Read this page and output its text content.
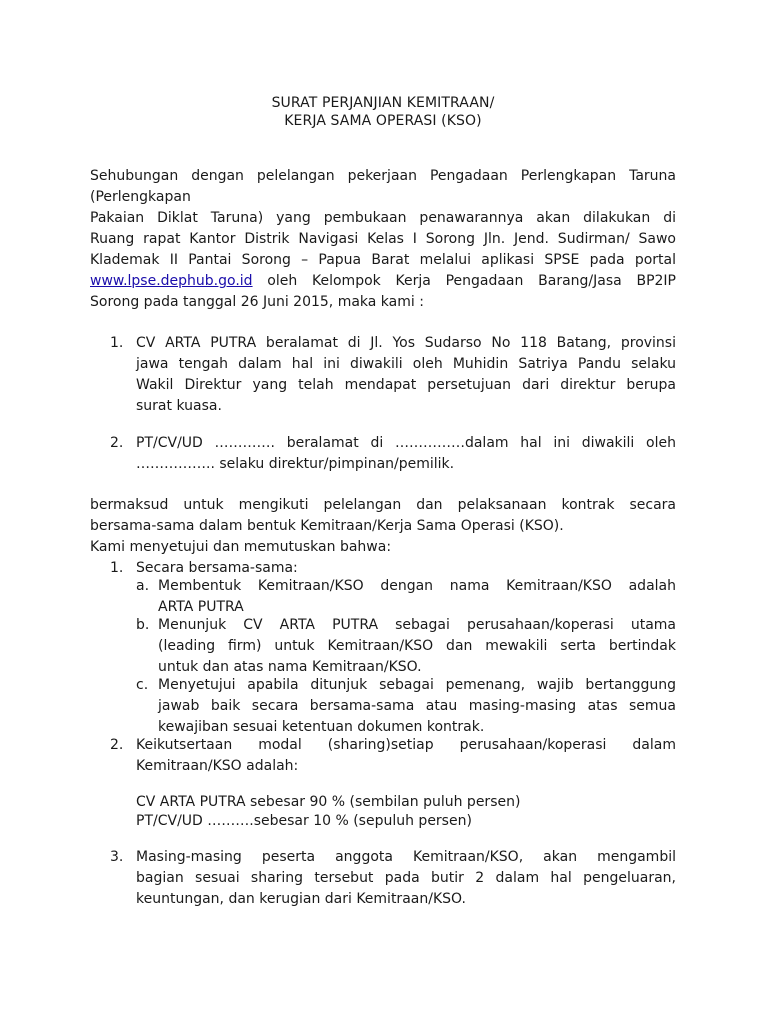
SURAT PERJANJIAN KEMITRAAN/
KERJA SAMA OPERASI (KSO)
Sehubungan dengan pelelangan pekerjaan Pengadaan Perlengkapan Taruna
(Perlengkapan
Pakaian Diklat Taruna) yang pembukaan penawarannya akan dilakukan di
Ruang rapat Kantor Distrik Navigasi Kelas I Sorong Jln. Jend. Sudirman/ Sawo
Klademak II Pantai Sorong – Papua Barat melalui aplikasi SPSE pada portal
www.lpse.dephub.go.id oleh Kelompok Kerja Pengadaan Barang/Jasa BP2IP
Sorong pada tanggal 26 Juni 2015, maka kami :
1. CV ARTA PUTRA beralamat di Jl. Yos Sudarso No 118 Batang, provinsi
jawa tengah dalam hal ini diwakili oleh Muhidin Satriya Pandu selaku
Wakil Direktur yang telah mendapat persetujuan dari direktur berupa
surat kuasa.
2. PT/CV/UD …………. beralamat di ……………dalam hal ini diwakili oleh
…………….. selaku direktur/pimpinan/pemilik.
bermaksud untuk mengikuti pelelangan dan pelaksanaan kontrak secara
bersama-sama dalam bentuk Kemitraan/Kerja Sama Operasi (KSO).
Kami menyetujui dan memutuskan bahwa:
1. Secara bersama-sama:
a. Membentuk Kemitraan/KSO dengan nama Kemitraan/KSO adalah
ARTA PUTRA
b. Menunjuk CV ARTA PUTRA sebagai perusahaan/koperasi utama
(leading firm) untuk Kemitraan/KSO dan mewakili serta bertindak
untuk dan atas nama Kemitraan/KSO.
c. Menyetujui apabila ditunjuk sebagai pemenang, wajib bertanggung
jawab baik secara bersama-sama atau masing-masing atas semua
kewajiban sesuai ketentuan dokumen kontrak.
2. Keikutsertaan modal (sharing)setiap perusahaan/koperasi dalam
Kemitraan/KSO adalah:
CV ARTA PUTRA sebesar 90 % (sembilan puluh persen)
PT/CV/UD ……….sebesar 10 % (sepuluh persen)
3. Masing-masing peserta anggota Kemitraan/KSO, akan mengambil
bagian sesuai sharing tersebut pada butir 2 dalam hal pengeluaran,
keuntungan, dan kerugian dari Kemitraan/KSO.
